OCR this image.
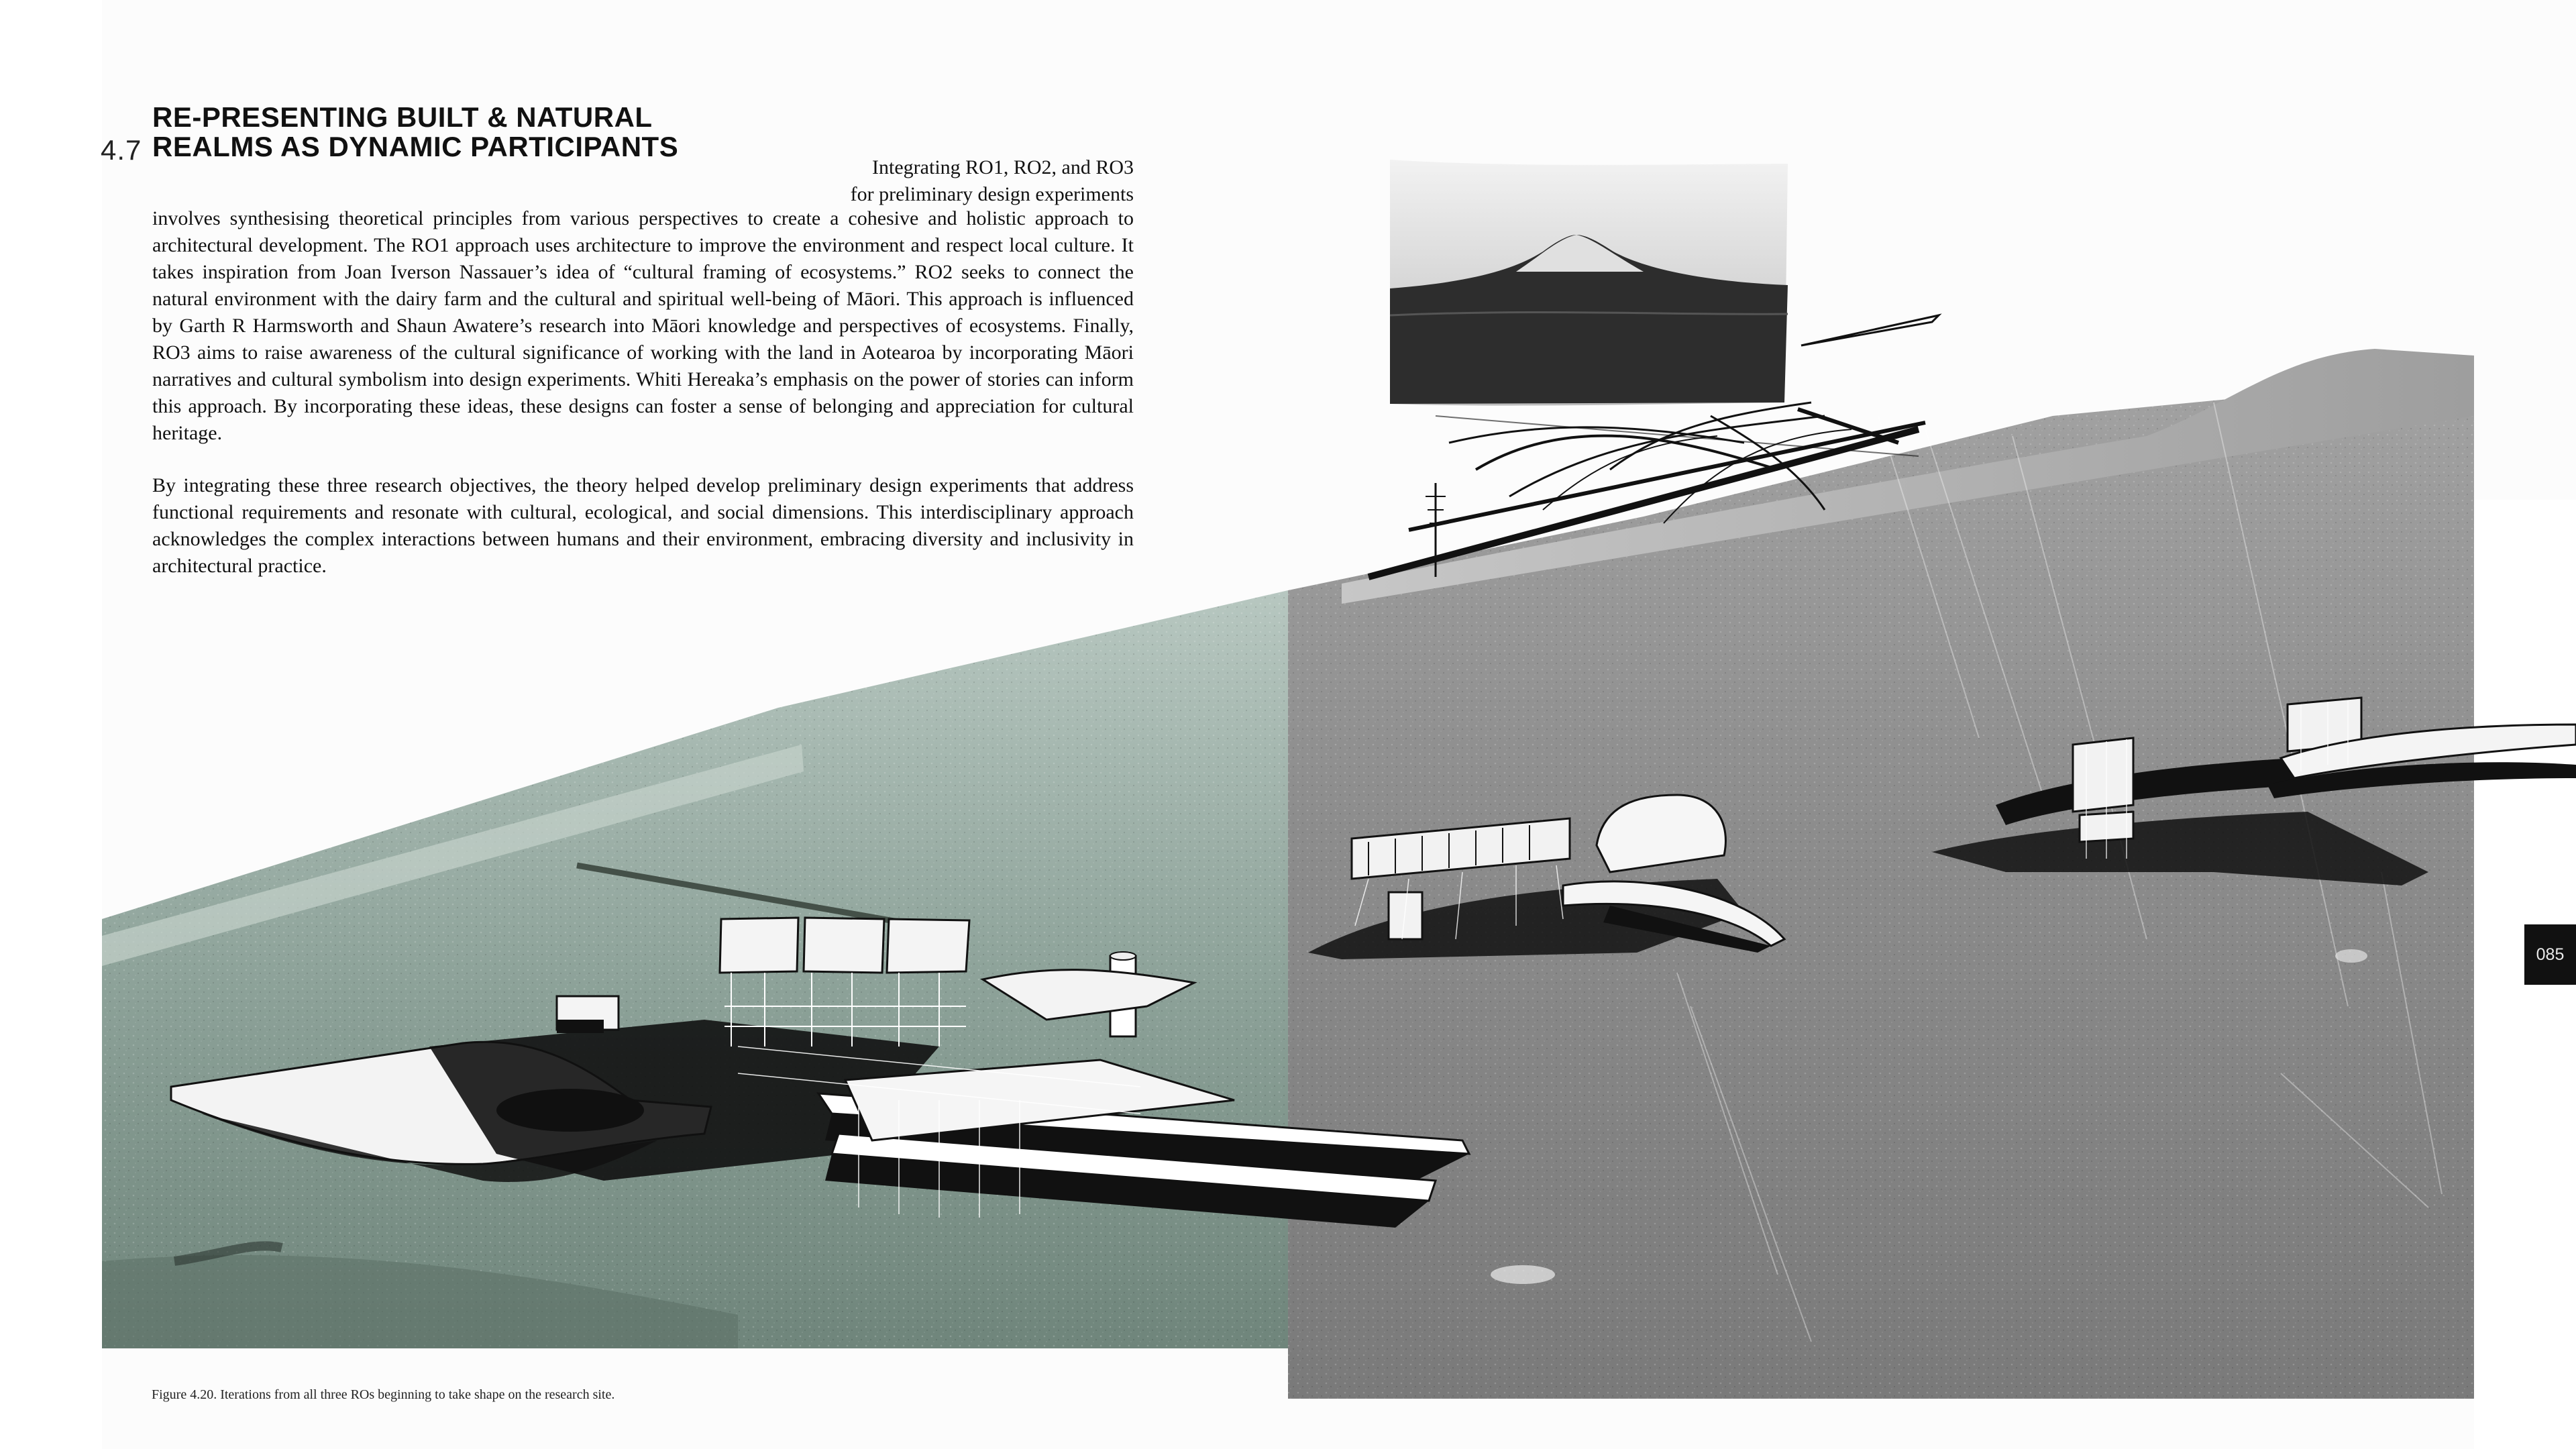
4.7
RE-PRESENTING BUILT & NATURAL
REALMS AS DYNAMIC PARTICIPANTS
Integrating RO1, RO2, and RO3
for preliminary design experiments

involves synthesising theoretical principles from various perspectives to create a cohesive and holistic approach to architectural development. The RO1 approach uses architecture to improve the environment and respect local culture. It takes inspiration from Joan Iverson Nassauer’s idea of “cultural framing of ecosystems.” RO2 seeks to connect the natural environment with the dairy farm and the cultural and spiritual well-being of Māori. This approach is influenced by Garth R Harmsworth and Shaun Awatere’s research into Māori knowledge and perspectives of ecosystems. Finally, RO3 aims to raise awareness of the cultural significance of working with the land in Aotearoa by incorporating Māori narratives and cultural symbolism into design experiments. Whiti Hereaka’s emphasis on the power of stories can inform this approach. By incorporating these ideas, these designs can foster a sense of belonging and appreciation for cultural heritage.

By integrating these three research objectives, the theory helped develop preliminary design experiments that address functional requirements and resonate with cultural, ecological, and social dimensions. This interdisciplinary approach acknowledges the complex interactions between humans and their environment, embracing diversity and inclusivity in architectural practice.

Figure 4.20. Iterations from all three ROs beginning to take shape on the research site.
085
